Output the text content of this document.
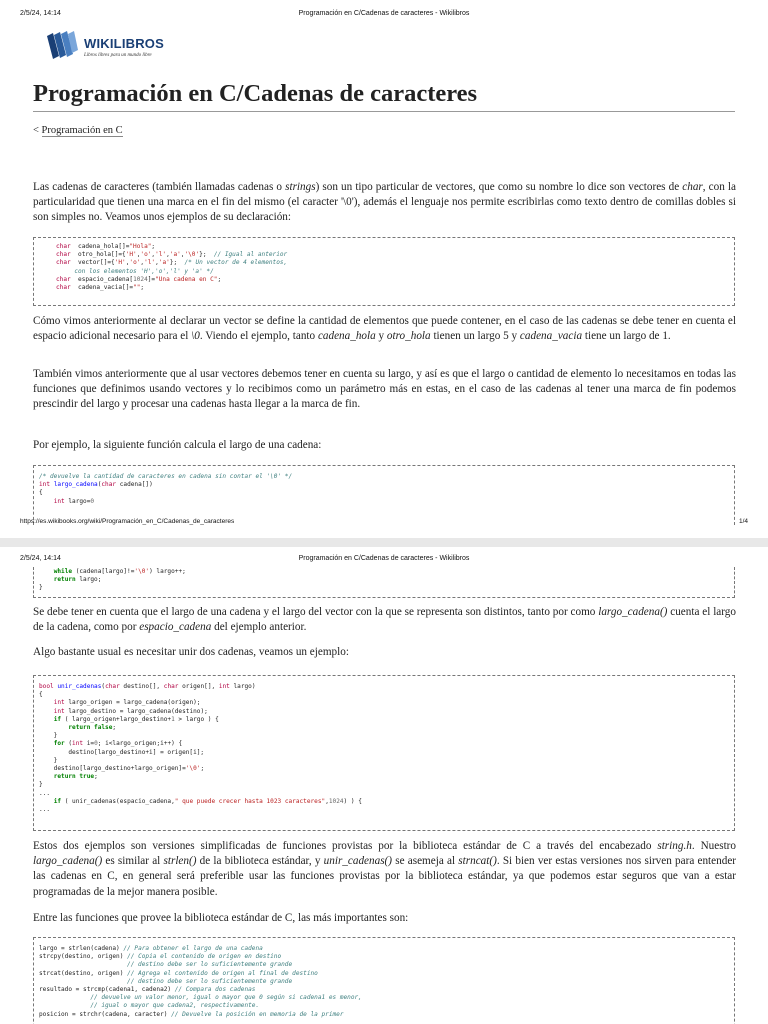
2/5/24, 14:14	Programación en C/Cadenas de caracteres - Wikilibros
WIKILIBROS
Libros libres para un mundo libre
Programación en C/Cadenas de caracteres
< Programación en C

Las cadenas de caracteres (también llamadas cadenas o strings) son un tipo particular de vectores, que como su nombre lo dice son vectores de char, con la particularidad que tienen una marca en el fin del mismo (el caracter '\0'), además el lenguaje nos permite escribirlas como texto dentro de comillas dobles si son simples no. Veamos unos ejemplos de su declaración:

char  cadena_hola[]="Hola";
char  otro_hola[]={'H','o','l','a','\0'};  // Igual al anterior
char  vector[]={'H','o','l','a'};  /* Un vector de 4 elementos,
con los elementos 'H','o','l' y 'a' */
char  espacio_cadena[1024]="Una cadena en C";
char  cadena_vacia[]="";

Cómo vimos anteriormente al declarar un vector se define la cantidad de elementos que puede contener, en el caso de las cadenas se debe tener en cuenta el espacio adicional necesario para el \0. Viendo el ejemplo, tanto cadena_hola y otro_hola tienen un largo 5 y cadena_vacia tiene un largo de 1.

También vimos anteriormente que al usar vectores debemos tener en cuenta su largo, y así es que el largo o cantidad de elemento lo necesitamos en todas las funciones que definimos usando vectores y lo recibimos como un parámetro más en estas, en el caso de las cadenas al tener una marca de fin podemos prescindir del largo y procesar una cadenas hasta llegar a la marca de fin.

Por ejemplo, la siguiente función calcula el largo de una cadena:

/* devuelve la cantidad de caracteres en cadena sin contar el '\0' */
int largo_cadena(char cadena[])
{
int largo=0
https://es.wikibooks.org/wiki/Programación_en_C/Cadenas_de_caracteres	1/4
2/5/24, 14:14	Programación en C/Cadenas de caracteres - Wikilibros
while (cadena[largo]!='\0') largo++;
return largo;
}

Se debe tener en cuenta que el largo de una cadena y el largo del vector con la que se representa son distintos, tanto por como largo_cadena() cuenta el largo de la cadena, como por espacio_cadena del ejemplo anterior.

Algo bastante usual es necesitar unir dos cadenas, veamos un ejemplo:

bool unir_cadenas(char destino[], char origen[], int largo)
{
int largo_origen = largo_cadena(origen);
int largo_destino = largo_cadena(destino);
if ( largo_origen+largo_destino+1 > largo ) {
return false;
}
for (int i=0; i<largo_origen;i++) {
destino[largo_destino+i] = origen[i];
}
destino[largo_destino+largo_origen]='\0';
return true;
}
...
if ( unir_cadenas(espacio_cadena," que puede crecer hasta 1023 caracteres",1024) ) {
...

Estos dos ejemplos son versiones simplificadas de funciones provistas por la biblioteca estándar de C a través del encabezado string.h. Nuestro largo_cadena() es similar al strlen() de la biblioteca estándar, y unir_cadenas() se asemeja al strncat(). Si bien ver estas versiones nos sirven para entender las cadenas en C, en general será preferible usar las funciones provistas por la biblioteca estándar, ya que podemos estar seguros que van a estar programadas de la mejor manera posible.

Entre las funciones que provee la biblioteca estándar de C, las más importantes son:

largo = strlen(cadena) // Para obtener el largo de una cadena
strcpy(destino, origen) // Copia el contenido de origen en destino
// destino debe ser lo suficientemente grande
strcat(destino, origen) // Agrega el contenido de origen al final de destino
// destino debe ser lo suficientemente grande
resultado = strcmp(cadena1, cadena2) // Compara dos cadenas
// devuelve un valor menor, igual o mayor que 0 según si cadena1 es menor,
// igual o mayor que cadena2, respectivamente.
posicion = strchr(cadena, caracter) // Devuelve la posición en memoria de la primer
